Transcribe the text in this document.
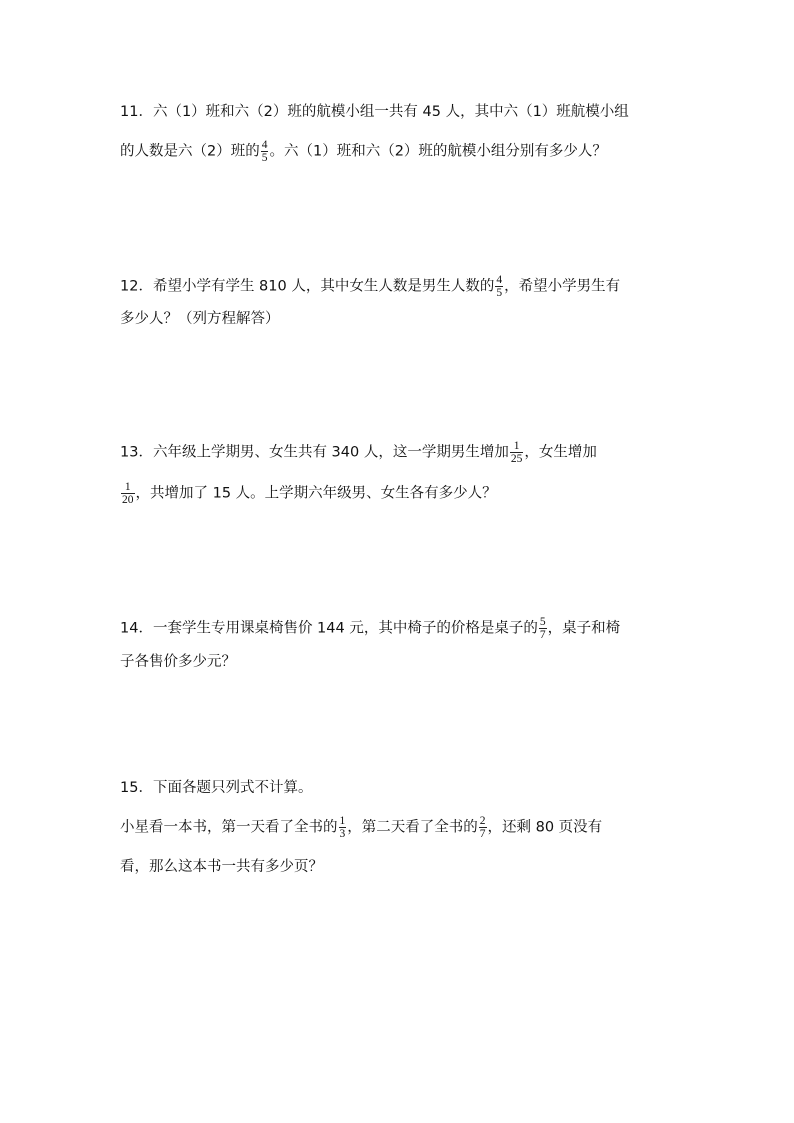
11．六（1）班和六（2）班的航模小组一共有 45 人，其中六（1）班航模小组
的人数是六（2）班的 $\frac{4}{5}$ 。六（1）班和六（2）班的航模小组分别有多少人？
12．希望小学有学生 810 人，其中女生人数是男生人数的 $\frac{4}{5}$ ，希望小学男生有
多少人？（列方程解答）
13．六年级上学期男、女生共有 340 人，这一学期男生增加 $\frac{1}{25}$ ，女生增加
$\frac{1}{20}$ ，共增加了 15 人。上学期六年级男、女生各有多少人？
14．一套学生专用课桌椅售价 144 元，其中椅子的价格是桌子的 $\frac{5}{7}$ ，桌子和椅
子各售价多少元？
15．下面各题只列式不计算。
小星看一本书，第一天看了全书的 $\frac{1}{3}$ ，第二天看了全书的 $\frac{2}{7}$ ，还剩 80 页没有
看，那么这本书一共有多少页？
